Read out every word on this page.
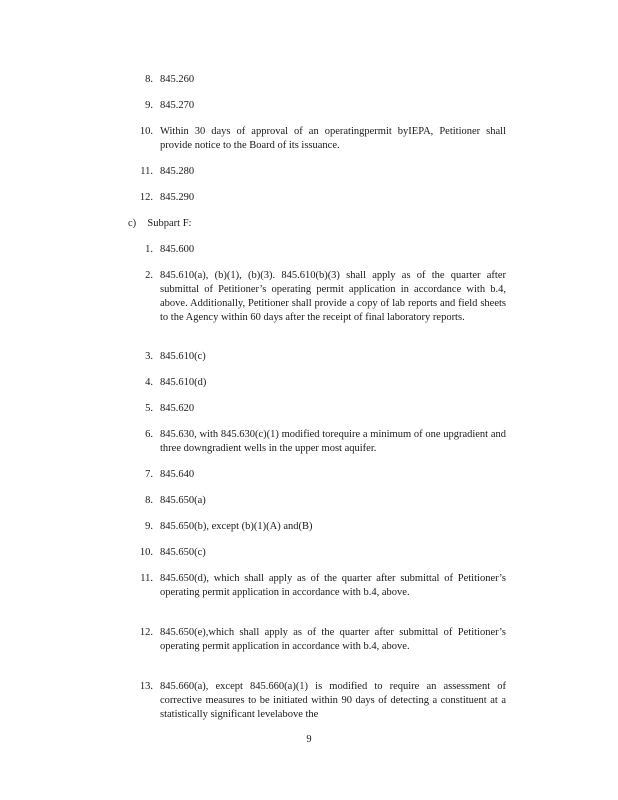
8. 845.260
9. 845.270
10. Within 30 days of approval of an operatingpermit byIEPA, Petitioner shall provide notice to the Board of its issuance.
11. 845.280
12. 845.290
c) Subpart F:
1. 845.600
2. 845.610(a), (b)(1), (b)(3). 845.610(b)(3) shall apply as of the quarter after submittal of Petitioner’s operating permit application in accordance with b.4, above. Additionally, Petitioner shall provide a copy of lab reports and field sheets to the Agency within 60 days after the receipt of final laboratory reports.
3. 845.610(c)
4. 845.610(d)
5. 845.620
6. 845.630, with 845.630(c)(1) modified torequire a minimum of one upgradient and three downgradient wells in the upper most aquifer.
7. 845.640
8. 845.650(a)
9. 845.650(b), except (b)(1)(A) and(B)
10. 845.650(c)
11. 845.650(d), which shall apply as of the quarter after submittal of Petitioner’s operating permit application in accordance with b.4, above.
12. 845.650(e),which shall apply as of the quarter after submittal of Petitioner’s operating permit application in accordance with b.4, above.
13. 845.660(a), except 845.660(a)(1) is modified to require an assessment of corrective measures to be initiated within 90 days of detecting a constituent at a statistically significant levelabove the
9
